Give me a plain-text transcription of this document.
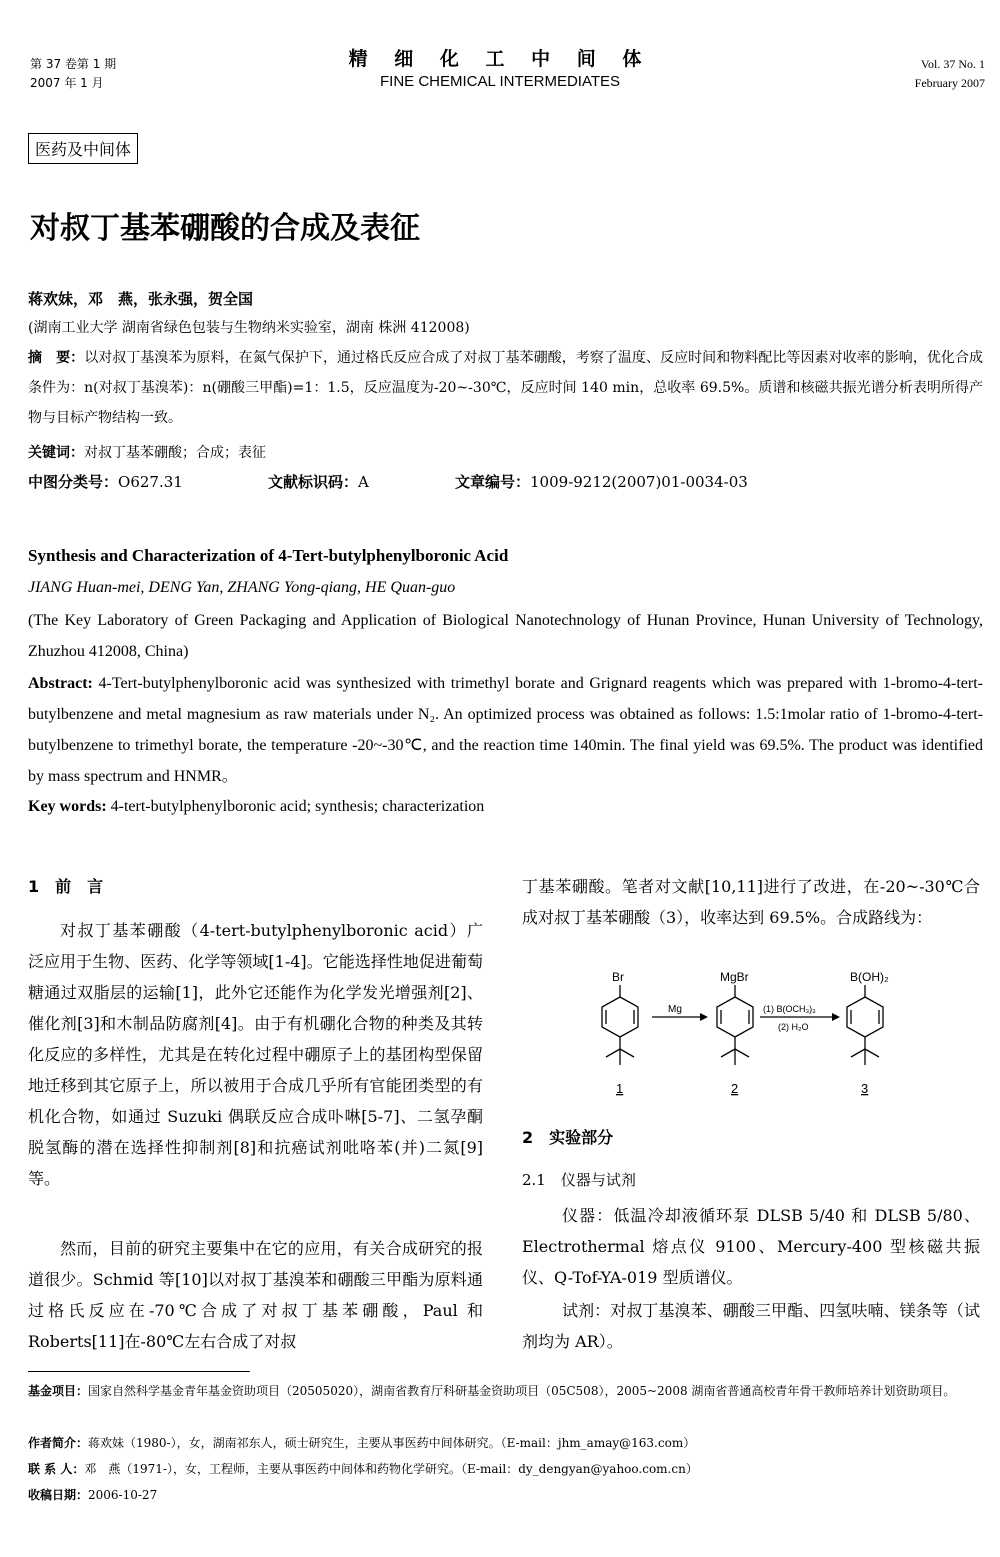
第 37 卷第 1 期
2007 年 1 月
精 细 化 工 中 间 体
FINE CHEMICAL INTERMEDIATES
Vol. 37 No. 1
February 2007
医药及中间体
对叔丁基苯硼酸的合成及表征
蒋欢妹，邓　燕，张永强，贺全国
(湖南工业大学 湖南省绿色包装与生物纳米实验室，湖南 株洲 412008)
摘　要：以对叔丁基溴苯为原料，在氮气保护下，通过格氏反应合成了对叔丁基苯硼酸，考察了温度、反应时间和物料配比等因素对收率的影响，优化合成条件为：n(对叔丁基溴苯)：n(硼酸三甲酯)=1：1.5，反应温度为-20~-30℃，反应时间 140 min，总收率 69.5%。质谱和核磁共振光谱分析表明所得产物与目标产物结构一致。
关键词：对叔丁基苯硼酸；合成；表征
中图分类号：O627.31	文献标识码：A	文章编号：1009-9212(2007)01-0034-03
Synthesis and Characterization of 4-Tert-butylphenylboronic Acid
JIANG Huan-mei, DENG Yan, ZHANG Yong-qiang, HE Quan-guo
(The Key Laboratory of Green Packaging and Application of Biological Nanotechnology of Hunan Province, Hunan University of Technology, Zhuzhou 412008, China)
Abstract: 4-Tert-butylphenylboronic acid was synthesized with trimethyl borate and Grignard reagents which was prepared with 1-bromo-4-tert-butylbenzene and metal magnesium as raw materials under N₂. An optimized process was obtained as follows: 1.5:1molar ratio of 1-bromo-4-tert-butylbenzene to trimethyl borate, the temperature -20~-30℃, and the reaction time 140min. The final yield was 69.5%. The product was identified by mass spectrum and HNMR。
Key words: 4-tert-butylphenylboronic acid; synthesis; characterization
1　前　言
对叔丁基苯硼酸（4-tert-butylphenylboronic acid）广泛应用于生物、医药、化学等领域[1-4]。它能选择性地促进葡萄糖通过双脂层的运输[1]，此外它还能作为化学发光增强剂[2]、催化剂[3]和木制品防腐剂[4]。由于有机硼化合物的种类及其转化反应的多样性，尤其是在转化过程中硼原子上的基团构型保留地迁移到其它原子上，所以被用于合成几乎所有官能团类型的有机化合物，如通过 Suzuki 偶联反应合成卟啉[5-7]、二氢孕酮脱氢酶的潜在选择性抑制剂[8]和抗癌试剂吡咯苯(并)二氮[9]等。
然而，目前的研究主要集中在它的应用，有关合成研究的报道很少。Schmid 等[10]以对叔丁基溴苯和硼酸三甲酯为原料通过格氏反应在-70℃合成了对叔丁基苯硼酸，Paul 和Roberts[11]在-80℃左右合成了对叔
丁基苯硼酸。笔者对文献[10,11]进行了改进，在-20~-30℃合成对叔丁基苯硼酸（3），收率达到 69.5%。合成路线为：
Br	MgBr	B(OH)₂
Mg	(1) B(OCH₃)₃
(2) H₂O
1	2	3
2　实验部分
2.1　仪器与试剂
仪器：低温冷却液循环泵 DLSB 5/40 和 DLSB 5/80、Electrothermal 熔点仪 9100、Mercury-400 型核磁共振仪、Q-Tof-YA-019 型质谱仪。
试剂：对叔丁基溴苯、硼酸三甲酯、四氢呋喃、镁条等（试剂均为 AR）。
基金项目：国家自然科学基金青年基金资助项目（20505020），湖南省教育厅科研基金资助项目（05C508），2005~2008 湖南省普通高校青年骨干教师培养计划资助项目。
作者简介：蒋欢妹（1980-），女，湖南祁东人，硕士研究生，主要从事医药中间体研究。（E-mail：jhm_amay@163.com）
联 系 人：邓　燕（1971-），女，工程师，主要从事医药中间体和药物化学研究。（E-mail：dy_dengyan@yahoo.com.cn）
收稿日期：2006-10-27
